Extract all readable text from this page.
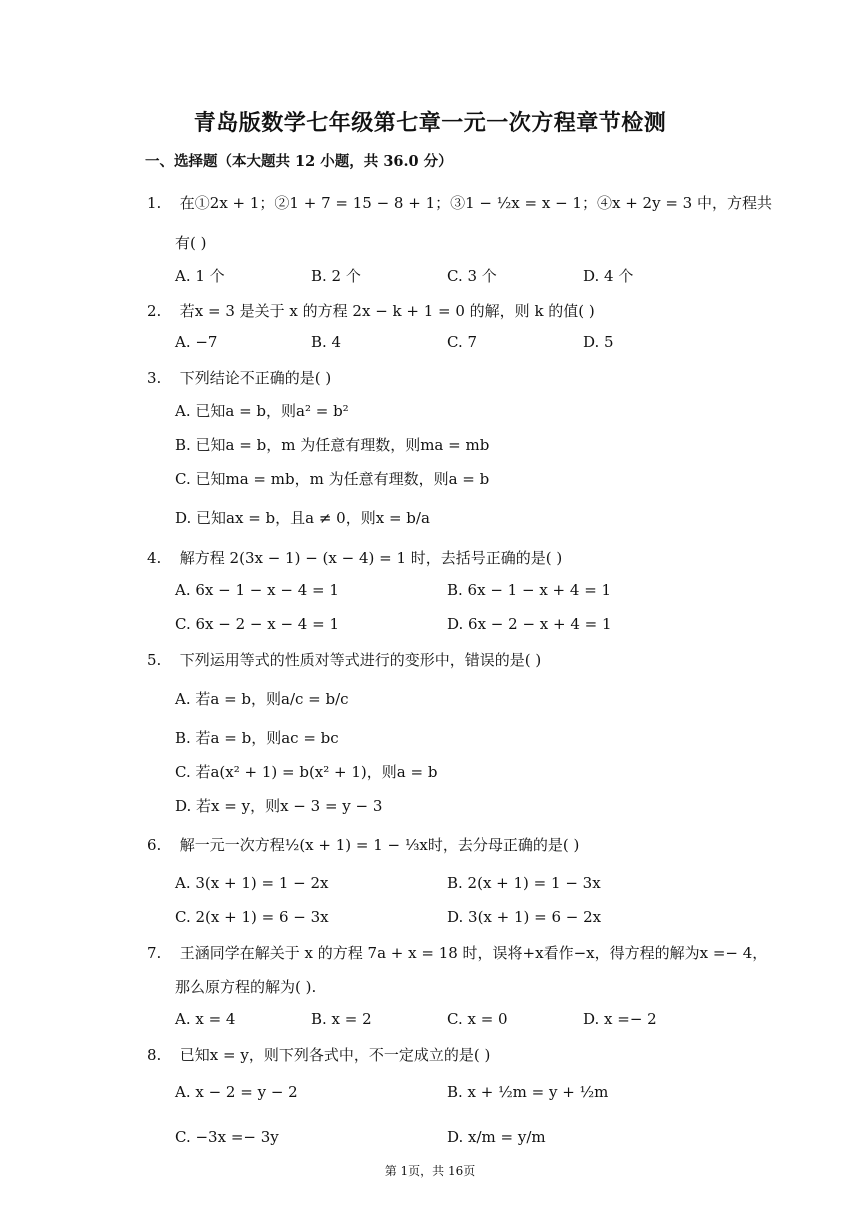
青岛版数学七年级第七章一元一次方程章节检测
一、选择题（本大题共 12 小题，共 36.0 分）
1. 在①2x + 1；②1 + 7 = 15 − 8 + 1；③1 − ½x = x − 1；④x + 2y = 3 中，方程共
有( )
A. 1 个	B. 2 个	C. 3 个	D. 4 个
2. 若x = 3 是关于 x 的方程 2x − k + 1 = 0 的解，则 k 的值( )
A. −7	B. 4	C. 7	D. 5
3. 下列结论不正确的是( )
A. 已知a = b，则a² = b²
B. 已知a = b，m 为任意有理数，则ma = mb
C. 已知ma = mb，m 为任意有理数，则a = b
D. 已知ax = b，且a ≠ 0，则x = b/a
4. 解方程 2(3x − 1) − (x − 4) = 1 时，去括号正确的是( )
A. 6x − 1 − x − 4 = 1	B. 6x − 1 − x + 4 = 1
C. 6x − 2 − x − 4 = 1	D. 6x − 2 − x + 4 = 1
5. 下列运用等式的性质对等式进行的变形中，错误的是( )
A. 若a = b，则a/c = b/c
B. 若a = b，则ac = bc
C. 若a(x² + 1) = b(x² + 1)，则a = b
D. 若x = y，则x − 3 = y − 3
6. 解一元一次方程½(x + 1) = 1 − ⅓x时，去分母正确的是( )
A. 3(x + 1) = 1 − 2x	B. 2(x + 1) = 1 − 3x
C. 2(x + 1) = 6 − 3x	D. 3(x + 1) = 6 − 2x
7. 王涵同学在解关于 x 的方程 7a + x = 18 时，误将+x看作−x，得方程的解为x =− 4，
那么原方程的解为( ).
A. x = 4	B. x = 2	C. x = 0	D. x =− 2
8. 已知x = y，则下列各式中，不一定成立的是( )
A. x − 2 = y − 2	B. x + ½m = y + ½m
C. −3x =− 3y	D. x/m = y/m
第 1页，共 16页
